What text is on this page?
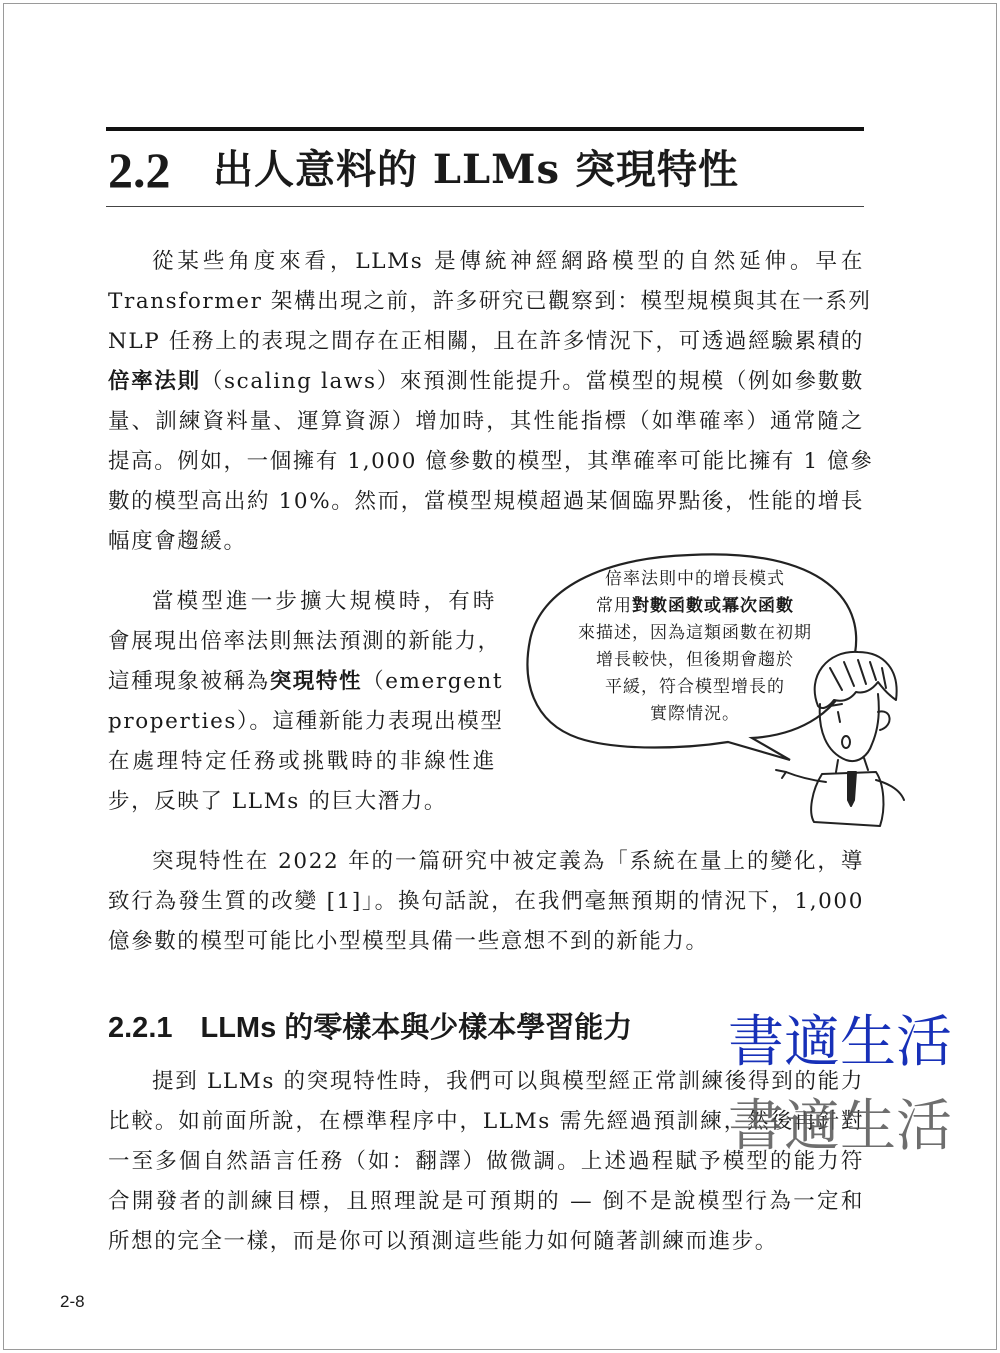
2.2 出人意料的 LLMs 突現特性

從某些角度來看，LLMs 是傳統神經網路模型的自然延伸。早在
Transformer 架構出現之前，許多研究已觀察到：模型規模與其在一系列
NLP 任務上的表現之間存在正相關，且在許多情況下，可透過經驗累積的
倍率法則（scaling laws）來預測性能提升。當模型的規模（例如參數數
量、訓練資料量、運算資源）增加時，其性能指標（如準確率）通常隨之
提高。例如，一個擁有 1,000 億參數的模型，其準確率可能比擁有 1 億參
數的模型高出約 10%。然而，當模型規模超過某個臨界點後，性能的增長
幅度會趨緩。

當模型進一步擴大規模時，有時
會展現出倍率法則無法預測的新能力，
這種現象被稱為突現特性（emergent
properties）。這種新能力表現出模型
在處理特定任務或挑戰時的非線性進
步，反映了 LLMs 的巨大潛力。

倍率法則中的增長模式
常用對數函數或冪次函數
來描述，因為這類函數在初期
增長較快，但後期會趨於
平緩，符合模型增長的
實際情況。

突現特性在 2022 年的一篇研究中被定義為「系統在量上的變化，導
致行為發生質的改變 [1]」。換句話說，在我們毫無預期的情況下，1,000
億參數的模型可能比小型模型具備一些意想不到的新能力。

2.2.1 LLMs 的零樣本與少樣本學習能力

提到 LLMs 的突現特性時，我們可以與模型經正常訓練後得到的能力
比較。如前面所說，在標準程序中，LLMs 需先經過預訓練，然後再針對
一至多個自然語言任務（如：翻譯）做微調。上述過程賦予模型的能力符
合開發者的訓練目標，且照理說是可預期的 — 倒不是說模型行為一定和
所想的完全一樣，而是你可以預測這些能力如何隨著訓練而進步。

書適生活
書適生活
2-8
